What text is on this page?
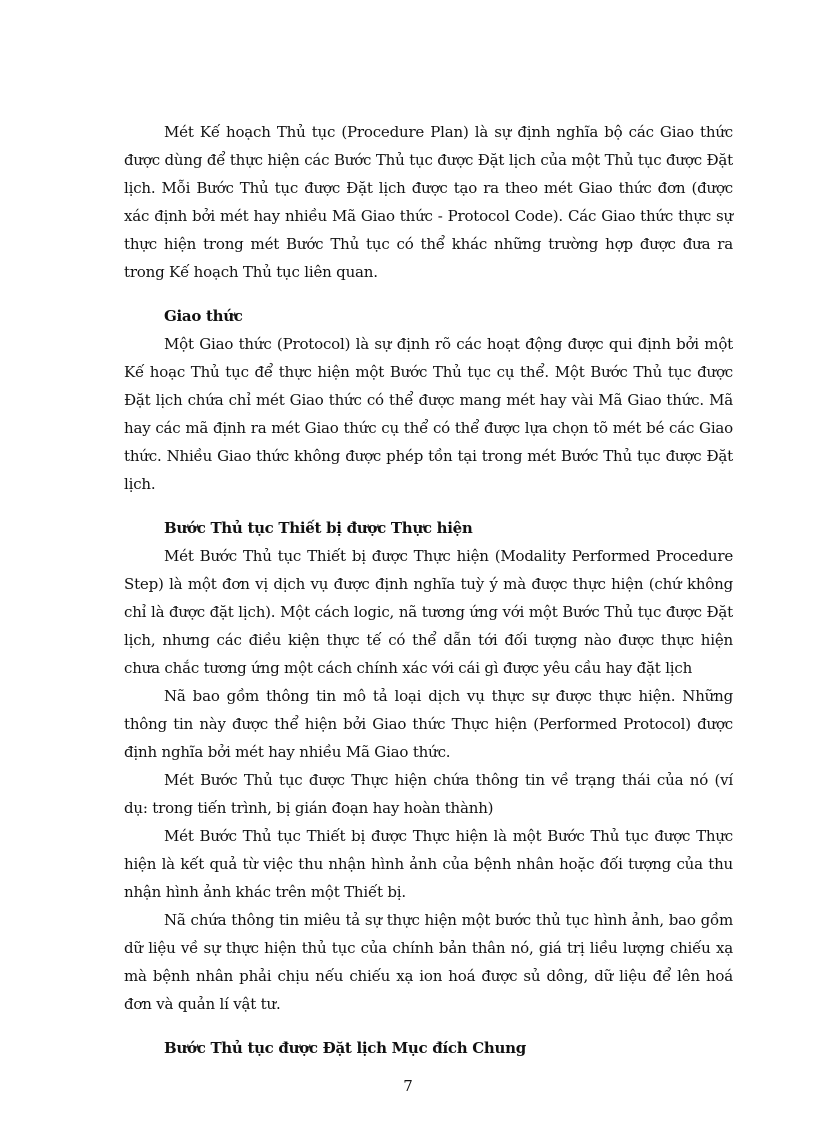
Mét Kế hoạch Thủ tục (Procedure Plan) là sự định nghĩa bộ các Giao thức được dùng để thực hiện các Bước Thủ tục được Đặt lịch của một Thủ tục được Đặt lịch. Mỗi Bước Thủ tục được Đặt lịch được tạo ra theo mét Giao thức đơn (được xác định bởi mét hay nhiều Mã Giao thức - Protocol Code). Các Giao thức thực sự thực hiện trong mét Bước Thủ tục có thể khác những trường hợp được đưa ra trong Kế hoạch Thủ tục liên quan.

Giao thức

Một Giao thức (Protocol) là sự định rõ các hoạt động được qui định bởi một Kế hoạc Thủ tục để thực hiện một Bước Thủ tục cụ thể. Một Bước Thủ tục được Đặt lịch chứa chỉ mét Giao thức có thể được mang mét hay vài Mã Giao thức. Mã hay các mã định ra mét Giao thức cụ thể có thể được lựa chọn tõ mét bé các Giao thức. Nhiều Giao thức không được phép tồn tại trong mét Bước Thủ tục được Đặt lịch.

Bước Thủ tục Thiết bị được Thực hiện

Mét Bước Thủ tục Thiết bị được Thực hiện (Modality Performed Procedure Step) là một đơn vị dịch vụ được định nghĩa tuỳ ý mà được thực hiện (chứ không chỉ là được đặt lịch). Một cách logic, nã tương ứng với một Bước Thủ tục được Đặt lịch, nhưng các điều kiện thực tế có thể dẫn tới đối tượng nào được thực hiện chưa chắc tương ứng một cách chính xác với cái gì được yêu cầu hay đặt lịch

Nã bao gồm thông tin mô tả loại dịch vụ thực sự được thực hiện. Những thông tin này được thể hiện bởi Giao thức Thực hiện (Performed Protocol) được định nghĩa bởi mét hay nhiều Mã Giao thức.

Mét Bước Thủ tục được Thực hiện chứa thông tin về trạng thái của nó (ví dụ: trong tiến trình, bị gián đoạn hay hoàn thành)

Mét Bước Thủ tục Thiết bị được Thực hiện là một Bước Thủ tục được Thực hiện là kết quả từ việc thu nhận hình ảnh của bệnh nhân hoặc đối tượng của thu nhận hình ảnh khác trên một Thiết bị.

Nã chứa thông tin miêu tả sự thực hiện một bước thủ tục hình ảnh, bao gồm dữ liệu về sự thực hiện thủ tục của chính bản thân nó, giá trị liều lượng chiếu xạ mà bệnh nhân phải chịu nếu chiếu xạ ion hoá được sủ dông, dữ liệu để lên hoá đơn và quản lí vật tư.

Bước Thủ tục được Đặt lịch Mục đích Chung
7
